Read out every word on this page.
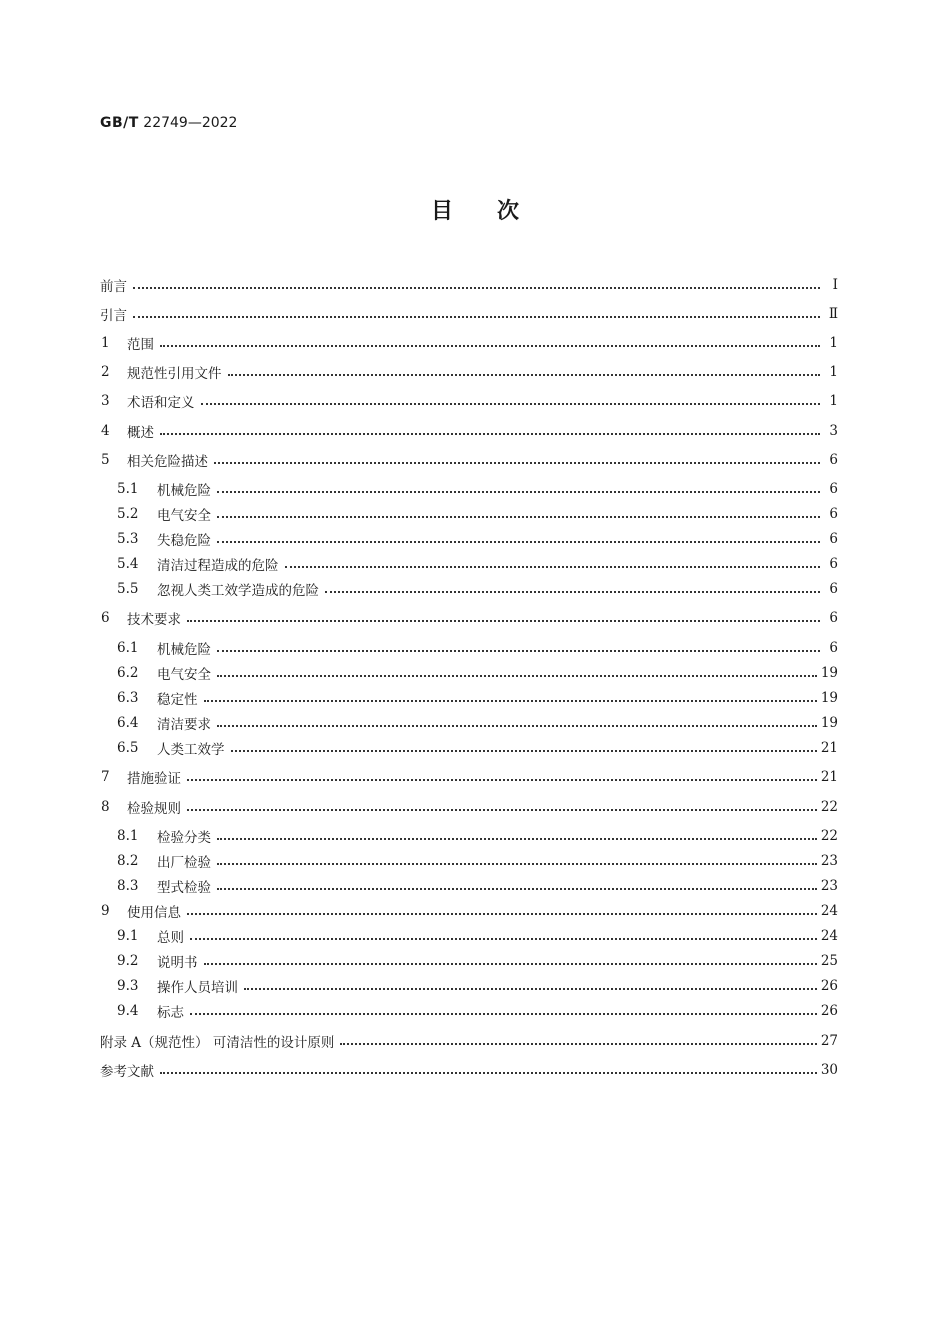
GB/T 22749—2022
目 次
前言	Ⅰ
引言	Ⅱ
1	范围	1
2	规范性引用文件	1
3	术语和定义	1
4	概述	3
5	相关危险描述	6
5.1	机械危险	6
5.2	电气安全	6
5.3	失稳危险	6
5.4	清洁过程造成的危险	6
5.5	忽视人类工效学造成的危险	6
6	技术要求	6
6.1	机械危险	6
6.2	电气安全	19
6.3	稳定性	19
6.4	清洁要求	19
6.5	人类工效学	21
7	措施验证	21
8	检验规则	22
8.1	检验分类	22
8.2	出厂检验	23
8.3	型式检验	23
9	使用信息	24
9.1	总则	24
9.2	说明书	25
9.3	操作人员培训	26
9.4	标志	26
附录 A（规范性） 可清洁性的设计原则	27
参考文献	30
